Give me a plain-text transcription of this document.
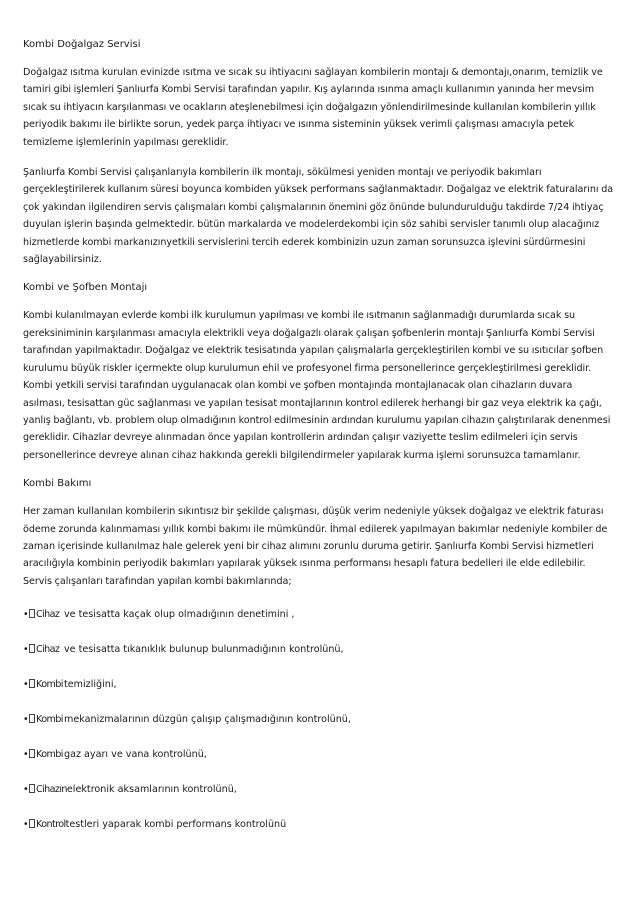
Kombi Doğalgaz Servisi

Doğalgaz ısıtma kurulan evinizde ısıtma ve sıcak su ihtiyacını sağlayan kombilerin montajı & demontajı,onarım, temizlik ve tamiri gibi işlemleri Şanlıurfa Kombi Servisi tarafından yapılır. Kış aylarında ısınma amaçlı kullanımın yanında her mevsim sıcak su ihtiyacın karşılanması ve ocakların ateşlenebilmesi için doğalgazın yönlendirilmesinde kullanılan kombilerin yıllık periyodik bakımı ile birlikte sorun, yedek parça ihtiyacı ve ısınma sisteminin yüksek verimli çalışması amacıyla petek temizleme işlemlerinin yapılması gereklidir.

Şanlıurfa Kombi Servisi çalışanlarıyla kombilerin ilk montajı, sökülmesi yeniden montajı ve periyodik bakımları gerçekleştirilerek kullanım süresi boyunca kombiden yüksek performans sağlanmaktadır. Doğalgaz ve elektrik faturalarını da çok yakından ilgilendiren servis çalışmaları kombi çalışmalarının önemini göz önünde bulundurulduğu takdirde 7/24 ihtiyaç duyulan işlerin başında gelmektedir. bütün markalarda ve modelerdekombi için söz sahibi servisler tanımlı olup alacağınız hizmetlerde kombi markanızınyetkili servislerini tercih ederek kombinizin uzun zaman sorunsuzca işlevini sürdürmesini sağlayabilirsiniz.

Kombi ve Şofben Montajı

Kombi kulanılmayan evlerde kombi ilk kurulumun yapılması ve kombi ile ısıtmanın sağlanmadığı durumlarda sıcak su gereksiniminin karşılanması amacıyla elektrikli veya doğalgazlı olarak çalışan şofbenlerin montajı Şanlıurfa Kombi Servisi tarafından yapılmaktadır. Doğalgaz ve elektrik tesisatında yapılan çalışmalarla gerçekleştirilen kombi ve su ısıtıcılar şofben kurulumu büyük riskler içermekte olup kurulumun ehil ve profesyonel firma personellerince gerçekleştirilmesi gereklidir. Kombi yetkili servisi tarafından uygulanacak olan kombi ve şofben montajında montajlanacak olan cihazların duvara asılması, tesisattan güc sağlanması ve yapılan tesisat montajlarının kontrol edilerek herhangi bir gaz veya elektrik ka çağı, yanlış bağlantı, vb. problem olup olmadığının kontrol edilmesinin ardından kurulumu yapılan cihazın çalıştırılarak denenmesi gereklidir. Cihazlar devreye alınmadan önce yapılan kontrollerin ardından çalışır vaziyette teslim edilmeleri için servis personellerince devreye alınan cihaz hakkında gerekli bilgilendirmeler yapılarak kurma işlemi sorunsuzca tamamlanır.

Kombi Bakımı

Her zaman kullanılan kombilerin sıkıntısız bir şekilde çalışması, düşük verim nedeniyle yüksek doğalgaz ve elektrik faturası ödeme zorunda kalınmaması yıllık kombi bakımı ile mümkündür. İhmal edilerek yapılmayan bakımlar nedeniyle kombiler de zaman içerisinde kullanılmaz hale gelerek yeni bir cihaz alımını zorunlu duruma getirir. Şanlıurfa Kombi Servisi hizmetleri aracılığıyla kombinin periyodik bakımları yapılarak yüksek ısınma performansı hesaplı fatura bedelleri ile elde edilebilir. Servis çalışanları tarafından yapılan kombi bakımlarında;

• Cihaz ve tesisatta kaçak olup olmadığının denetimini ,
• Cihaz ve tesisatta tıkanıklık bulunup bulunmadığının kontrolünü,
• Kombitemizliğini,
• Kombimekanizmalarının düzgün çalışıp çalışmadığının kontrolünü,
• Kombigaz ayarı ve vana kontrolünü,
• Cihazınelektronik aksamlarının kontrolünü,
• Kontroltestleri yaparak kombi performans kontrolünü
